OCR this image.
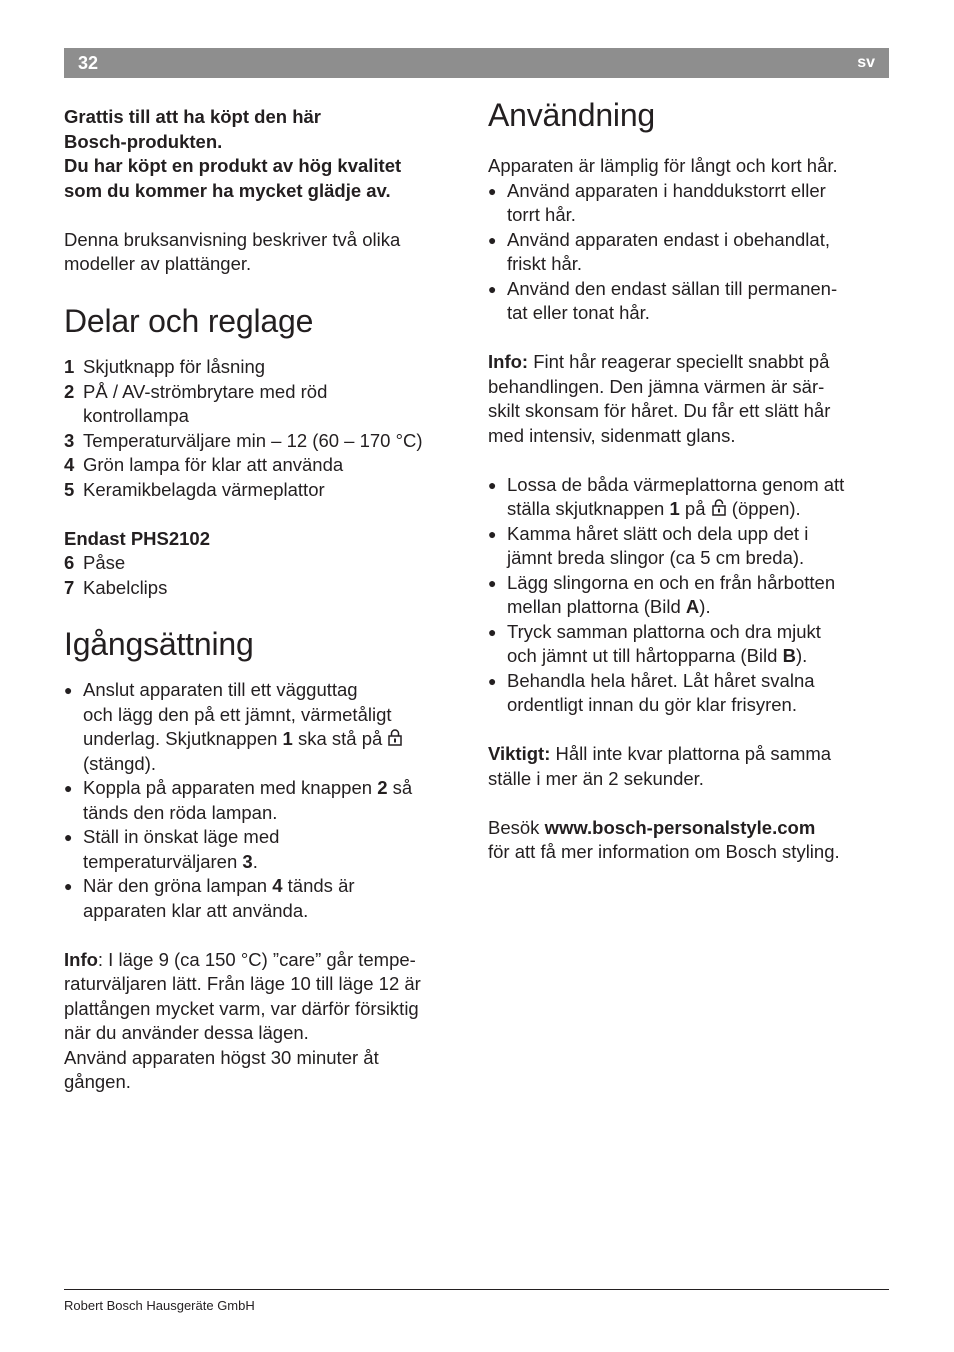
32	sv

Grattis till att ha köpt den här
Bosch-produkten.
Du har köpt en produkt av hög kvalitet
som du kommer ha mycket glädje av.

Denna bruksanvisning beskriver två olika
modeller av plattänger.

Delar och reglage
1 Skjutknapp för låsning
2 PÅ / AV-strömbrytare med röd
kontrollampa
3 Temperaturväljare min – 12 (60 – 170 °C)
4 Grön lampa för klar att använda
5 Keramikbelagda värmeplattor

Endast PHS2102

6 Påse
7 Kabelclips
Igångsättning
● Anslut apparaten till ett vägguttag
och lägg den på ett jämnt, värmetåligt
underlag. Skjutknappen 1 ska stå på
(stängd).
● Koppla på apparaten med knappen 2 så
tänds den röda lampan.
● Ställ in önskat läge med
temperaturväljaren 3.
● När den gröna lampan 4 tänds är
apparaten klar att använda.

Info: I läge 9 (ca 150 °C) ”care” går tempe-
raturväljaren lätt. Från läge 10 till läge 12 är
plattången mycket varm, var därför försiktig
när du använder dessa lägen.
Använd apparaten högst 30 minuter åt
gången.

Användning

Apparaten är lämplig för långt och kort hår.

● Använd apparaten i handdukstorrt eller
torrt hår.
● Använd apparaten endast i obehandlat,
friskt hår.
● Använd den endast sällan till permanen-
tat eller tonat hår.

Info: Fint hår reagerar speciellt snabbt på
behandlingen. Den jämna värmen är sär-
skilt skonsam för håret. Du får ett slätt hår
med intensiv, sidenmatt glans.

● Lossa de båda värmeplattorna genom att
ställa skjutknappen 1 på (öppen).
● Kamma håret slätt och dela upp det i
jämnt breda slingor (ca 5 cm breda).
● Lägg slingorna en och en från hårbotten
mellan plattorna (Bild A).
● Tryck samman plattorna och dra mjukt
och jämnt ut till hårtopparna (Bild B).
● Behandla hela håret. Låt håret svalna
ordentligt innan du gör klar frisyren.

Viktigt: Håll inte kvar plattorna på samma
ställe i mer än 2 sekunder.

Besök www.bosch-personalstyle.com
för att få mer information om Bosch styling.

Robert Bosch Hausgeräte GmbH
